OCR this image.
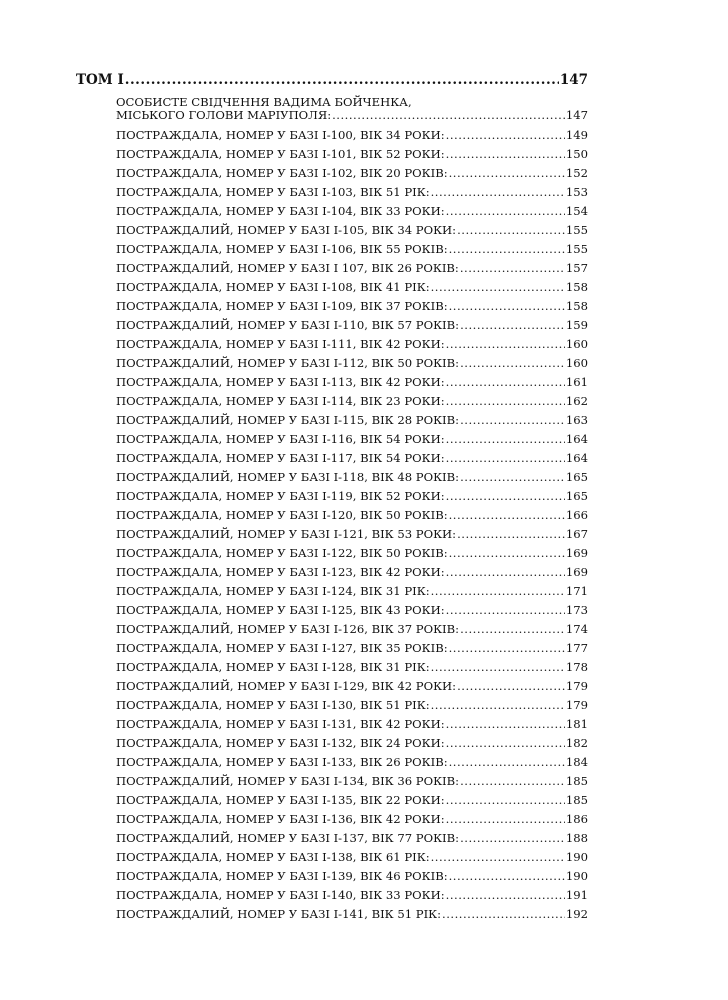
ТОМ I .....	147
ОСОБИСТЕ СВІДЧЕННЯ ВАДИМА БОЙЧЕНКА,
МІСЬКОГО ГОЛОВИ МАРІУПОЛЯ: .....	147
ПОСТРАЖДАЛА, НОМЕР У БАЗІ I-100, ВІК 34 РОКИ: .....	149
ПОСТРАЖДАЛА, НОМЕР У БАЗІ I-101, ВІК 52 РОКИ: .....	150
ПОСТРАЖДАЛА, НОМЕР У БАЗІ I-102, ВІК 20 РОКІВ: .....	152
ПОСТРАЖДАЛА, НОМЕР У БАЗІ I-103, ВІК 51 РІК: .....	153
ПОСТРАЖДАЛА, НОМЕР У БАЗІ I-104, ВІК 33 РОКИ: .....	154
ПОСТРАЖДАЛИЙ, НОМЕР У БАЗІ I-105, ВІК 34 РОКИ: .....	155
ПОСТРАЖДАЛА, НОМЕР У БАЗІ I-106, ВІК 55 РОКІВ: .....	155
ПОСТРАЖДАЛИЙ, НОМЕР У БАЗІ I 107, ВІК 26 РОКІВ: .....	157
ПОСТРАЖДАЛА, НОМЕР У БАЗІ I-108, ВІК 41 РІК: .....	158
ПОСТРАЖДАЛА, НОМЕР У БАЗІ I-109, ВІК 37 РОКІВ: .....	158
ПОСТРАЖДАЛИЙ, НОМЕР У БАЗІ I-110, ВІК 57 РОКІВ: .....	159
ПОСТРАЖДАЛА, НОМЕР У БАЗІ I-111, ВІК 42 РОКИ: .....	160
ПОСТРАЖДАЛИЙ, НОМЕР У БАЗІ I-112, ВІК 50 РОКІВ: .....	160
ПОСТРАЖДАЛА, НОМЕР У БАЗІ I-113, ВІК 42 РОКИ: .....	161
ПОСТРАЖДАЛА, НОМЕР У БАЗІ I-114, ВІК 23 РОКИ: .....	162
ПОСТРАЖДАЛИЙ, НОМЕР У БАЗІ I-115, ВІК 28 РОКІВ: .....	163
ПОСТРАЖДАЛА, НОМЕР У БАЗІ I-116, ВІК 54 РОКИ: .....	164
ПОСТРАЖДАЛА, НОМЕР У БАЗІ I-117, ВІК 54 РОКИ: .....	164
ПОСТРАЖДАЛИЙ, НОМЕР У БАЗІ I-118, ВІК 48 РОКІВ: .....	165
ПОСТРАЖДАЛА, НОМЕР У БАЗІ I-119, ВІК 52 РОКИ: .....	165
ПОСТРАЖДАЛА, НОМЕР У БАЗІ I-120, ВІК 50 РОКІВ: .....	166
ПОСТРАЖДАЛИЙ, НОМЕР У БАЗІ I-121, ВІК 53 РОКИ: .....	167
ПОСТРАЖДАЛА, НОМЕР У БАЗІ I-122, ВІК 50 РОКІВ: .....	169
ПОСТРАЖДАЛА, НОМЕР У БАЗІ I-123, ВІК 42 РОКИ: .....	169
ПОСТРАЖДАЛА, НОМЕР У БАЗІ I-124, ВІК 31 РІК: .....	171
ПОСТРАЖДАЛА, НОМЕР У БАЗІ I-125, ВІК 43 РОКИ: .....	173
ПОСТРАЖДАЛИЙ, НОМЕР У БАЗІ I-126, ВІК 37 РОКІВ: .....	174
ПОСТРАЖДАЛА, НОМЕР У БАЗІ I-127, ВІК 35 РОКІВ: .....	177
ПОСТРАЖДАЛА, НОМЕР У БАЗІ I-128, ВІК 31 РІК: .....	178
ПОСТРАЖДАЛИЙ, НОМЕР У БАЗІ I-129, ВІК 42 РОКИ: .....	179
ПОСТРАЖДАЛА, НОМЕР У БАЗІ I-130, ВІК 51 РІК: .....	179
ПОСТРАЖДАЛА, НОМЕР У БАЗІ I-131, ВІК 42 РОКИ: .....	181
ПОСТРАЖДАЛА, НОМЕР У БАЗІ I-132, ВІК 24 РОКИ: .....	182
ПОСТРАЖДАЛА, НОМЕР У БАЗІ I-133, ВІК 26 РОКІВ: .....	184
ПОСТРАЖДАЛИЙ, НОМЕР У БАЗІ I-134, ВІК 36 РОКІВ: .....	185
ПОСТРАЖДАЛА, НОМЕР У БАЗІ I-135, ВІК 22 РОКИ: .....	185
ПОСТРАЖДАЛА, НОМЕР У БАЗІ I-136, ВІК 42 РОКИ: .....	186
ПОСТРАЖДАЛИЙ, НОМЕР У БАЗІ I-137, ВІК 77 РОКІВ: .....	188
ПОСТРАЖДАЛА, НОМЕР У БАЗІ I-138, ВІК 61 РІК: .....	190
ПОСТРАЖДАЛА, НОМЕР У БАЗІ I-139, ВІК 46 РОКІВ: .....	190
ПОСТРАЖДАЛА, НОМЕР У БАЗІ I-140, ВІК 33 РОКИ: .....	191
ПОСТРАЖДАЛИЙ, НОМЕР У БАЗІ I-141, ВІК 51 РІК: .....	192
